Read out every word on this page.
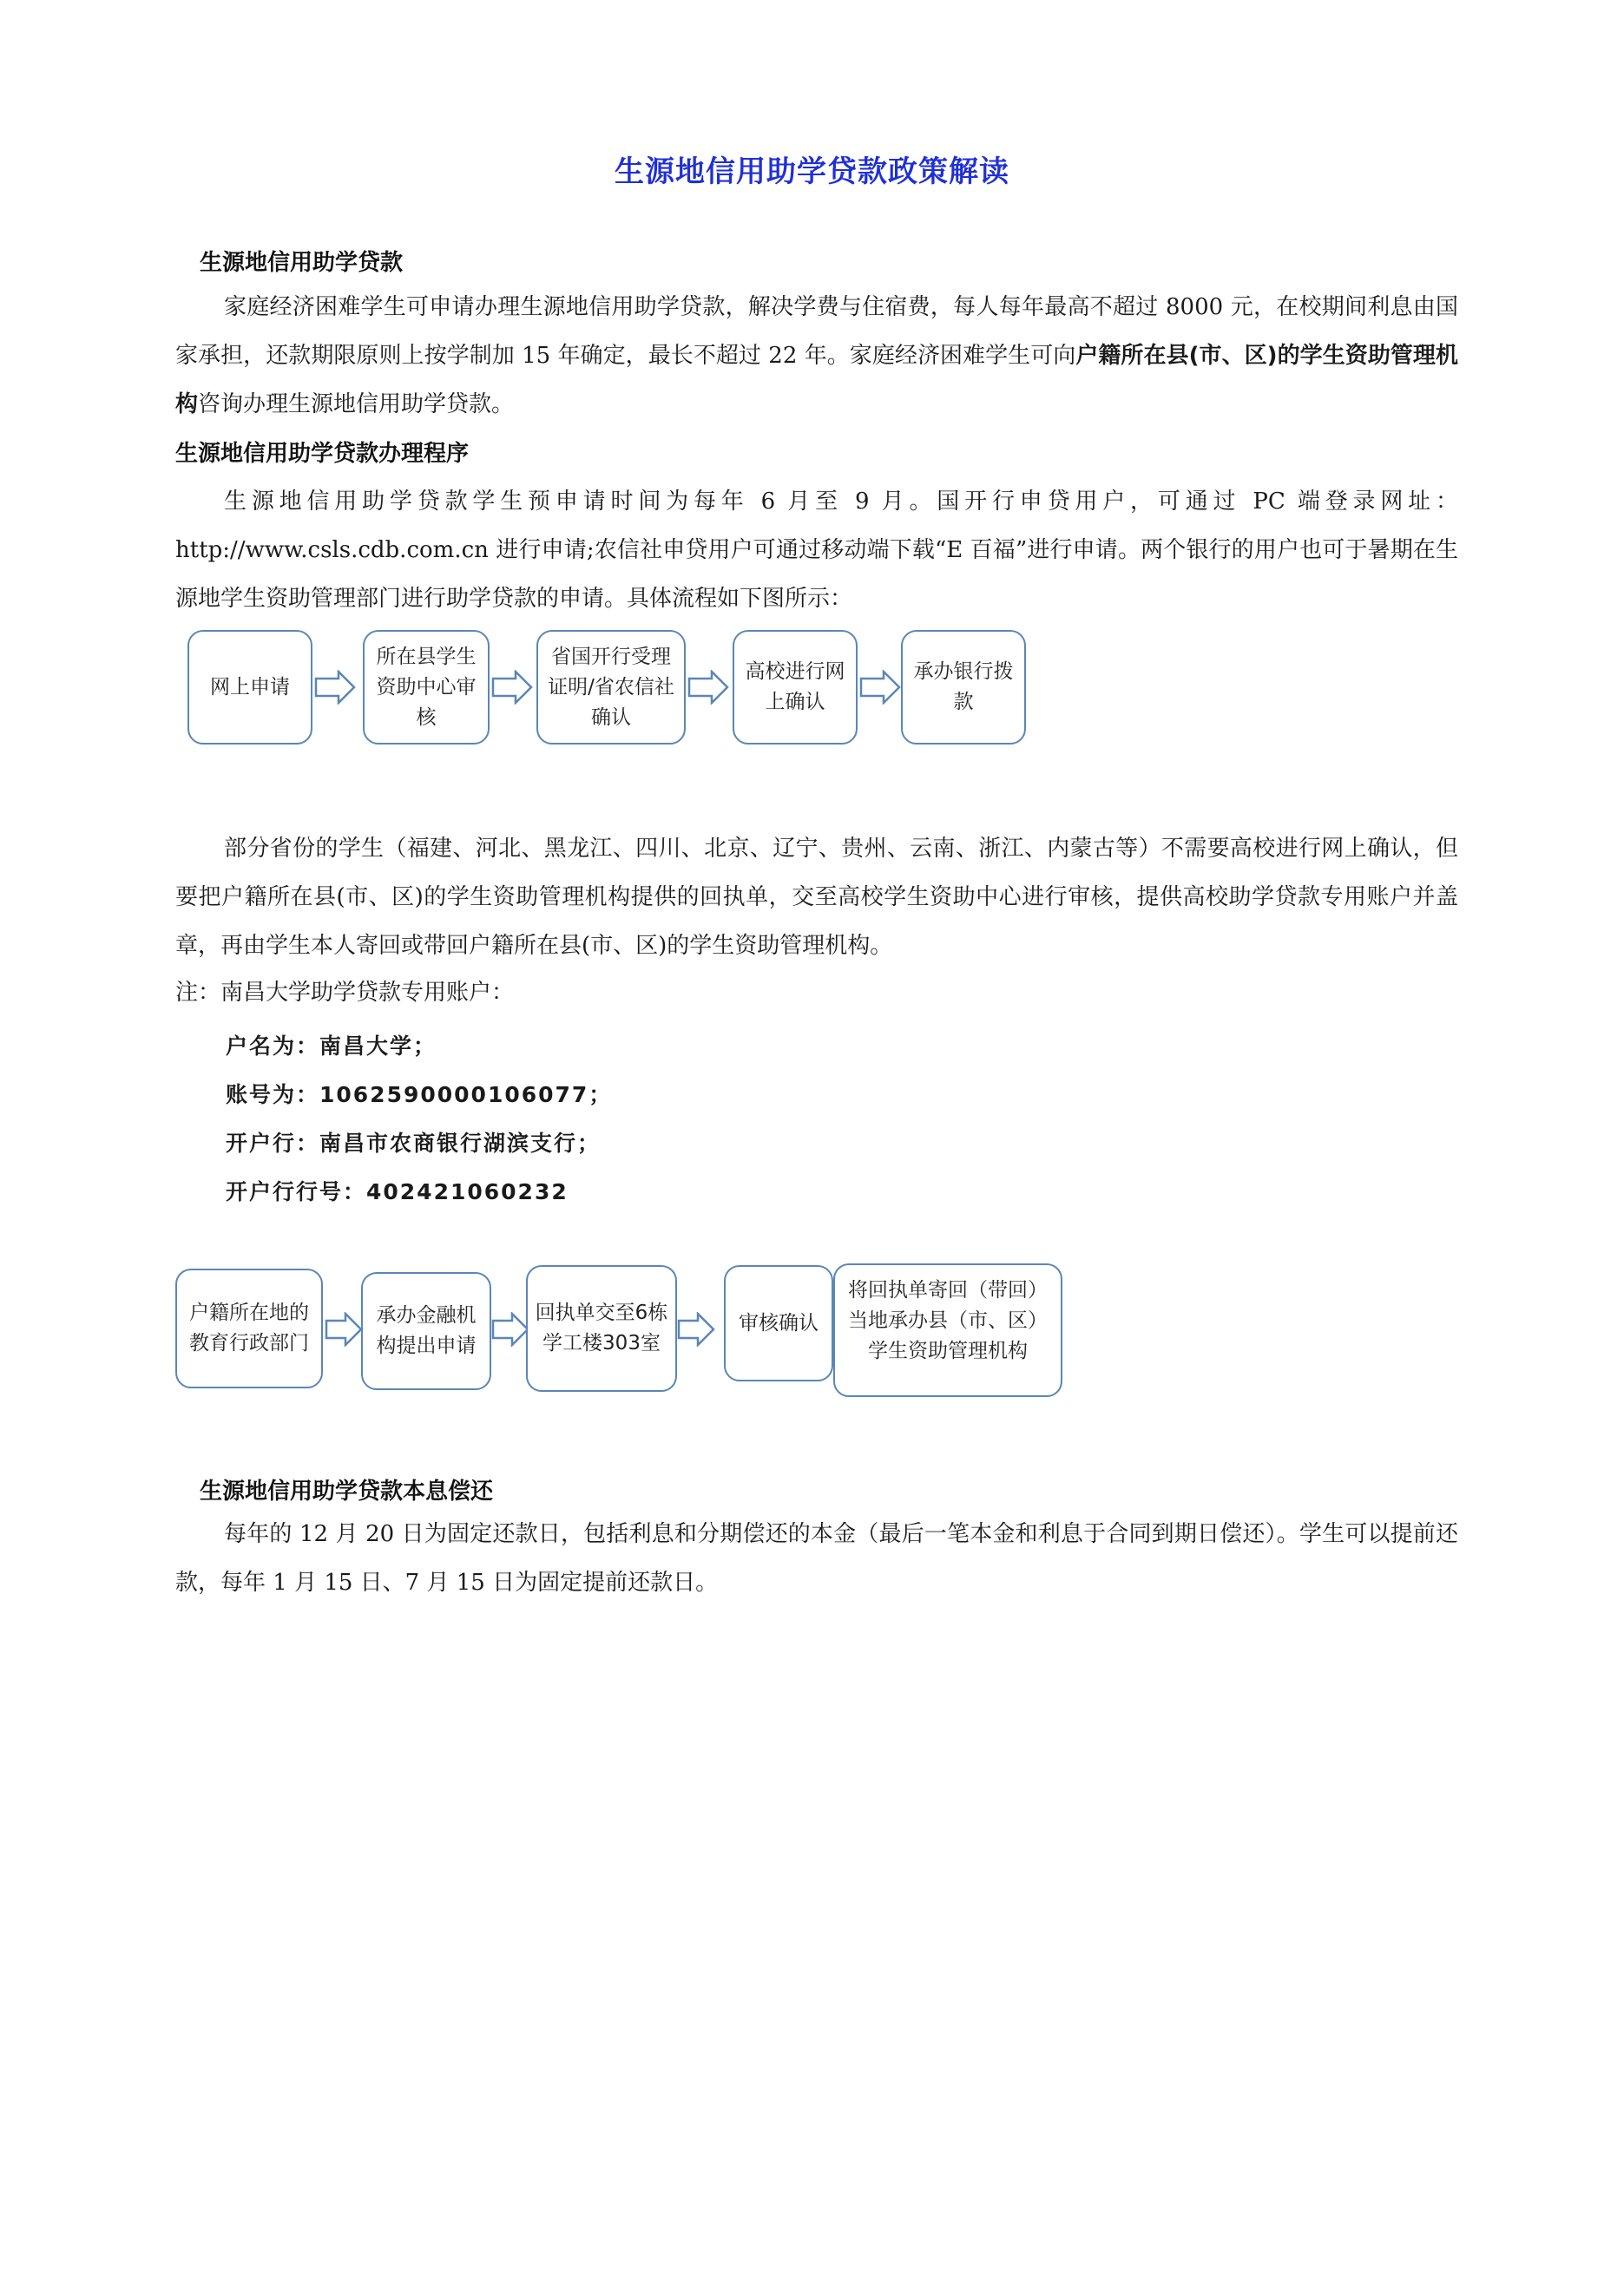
生源地信用助学贷款政策解读
生源地信用助学贷款
家庭经济困难学生可申请办理生源地信用助学贷款，解决学费与住宿费，每人每年最高不超过 8000 元，在校期间利息由国家承担，还款期限原则上按学制加 15 年确定，最长不超过 22 年。家庭经济困难学生可向户籍所在县(市、区)的学生资助管理机构咨询办理生源地信用助学贷款。
生源地信用助学贷款办理程序
生源地信用助学贷款学生预申请时间为每年 6 月至 9 月。国开行申贷用户，可通过 PC 端登录网址：http://www.csls.cdb.com.cn 进行申请;农信社申贷用户可通过移动端下载“E 百福”进行申请。两个银行的用户也可于暑期在生源地学生资助管理部门进行助学贷款的申请。具体流程如下图所示：
网上申请
所在县学生资助中心审核
省国开行受理证明/省农信社确认
高校进行网上确认
承办银行拨款
部分省份的学生（福建、河北、黑龙江、四川、北京、辽宁、贵州、云南、浙江、内蒙古等）不需要高校进行网上确认，但要把户籍所在县(市、区)的学生资助管理机构提供的回执单，交至高校学生资助中心进行审核，提供高校助学贷款专用账户并盖章，再由学生本人寄回或带回户籍所在县(市、区)的学生资助管理机构。
注：南昌大学助学贷款专用账户：
户名为：南昌大学；
账号为：1062590000106077；
开户行：南昌市农商银行湖滨支行；
开户行行号：402421060232
户籍所在地的教育行政部门
承办金融机构提出申请
回执单交至6栋学工楼303室
审核确认
将回执单寄回（带回）当地承办县（市、区）学生资助管理机构
生源地信用助学贷款本息偿还
每年的 12 月 20 日为固定还款日，包括利息和分期偿还的本金（最后一笔本金和利息于合同到期日偿还）。学生可以提前还款，每年 1 月 15 日、7 月 15 日为固定提前还款日。
